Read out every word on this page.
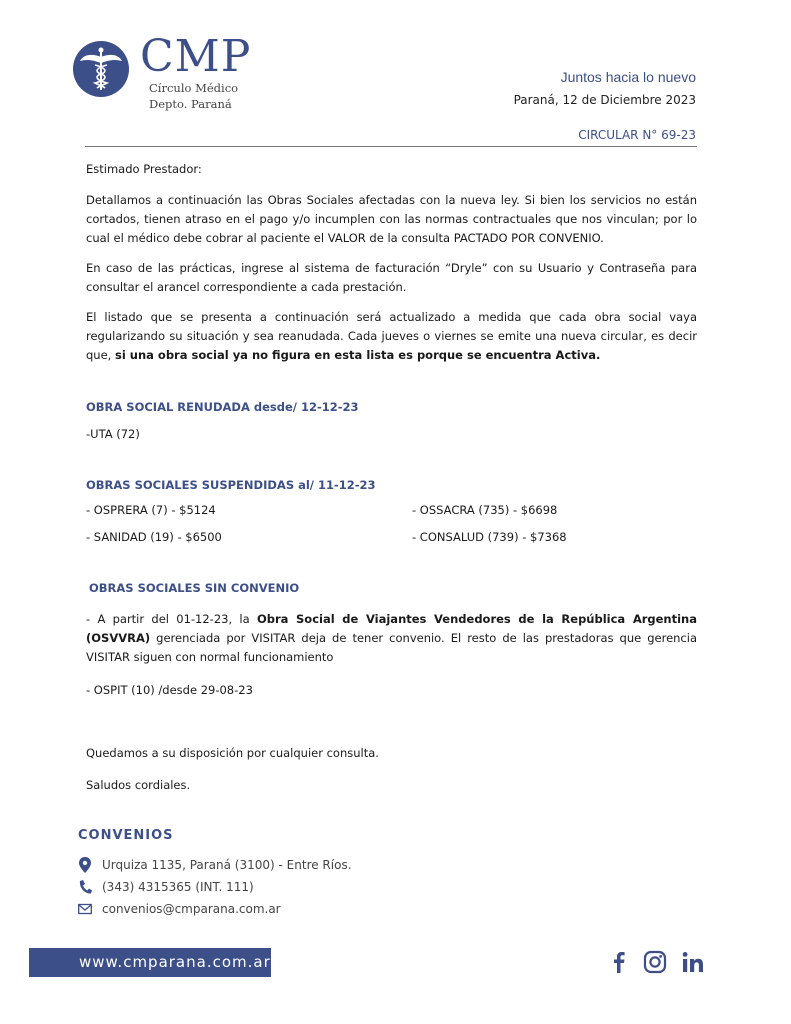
CMP
Círculo Médico
Depto. Paraná
Juntos hacia lo nuevo
Paraná, 12 de Diciembre 2023
CIRCULAR N° 69-23

Estimado Prestador:

Detallamos a continuación las Obras Sociales afectadas con la nueva ley. Si bien los servicios no están cortados, tienen atraso en el pago y/o incumplen con las normas contractuales que nos vinculan; por lo cual el médico debe cobrar al paciente el VALOR de la consulta PACTADO POR CONVENIO.

En caso de las prácticas, ingrese al sistema de facturación “Dryle” con su Usuario y Contraseña para consultar el arancel correspondiente a cada prestación.

El listado que se presenta a continuación será actualizado a medida que cada obra social vaya regularizando su situación y sea reanudada. Cada jueves o viernes se emite una nueva circular, es decir que, si una obra social ya no figura en esta lista es porque se encuentra Activa.

OBRA SOCIAL RENUDADA desde/ 12-12-23
-UTA (72)
OBRAS SOCIALES SUSPENDIDAS al/ 11-12-23
- OSPRERA (7) - $5124	- OSSACRA (735) - $6698
- SANIDAD (19) - $6500	- CONSALUD (739) - $7368
OBRAS SOCIALES SIN CONVENIO

- A partir del 01-12-23, la Obra Social de Viajantes Vendedores de la República Argentina (OSVVRA) gerenciada por VISITAR deja de tener convenio. El resto de las prestadoras que gerencia VISITAR siguen con normal funcionamiento

- OSPIT (10) /desde 29-08-23
Quedamos a su disposición por cualquier consulta.
Saludos cordiales.
CONVENIOS
Urquiza 1135, Paraná (3100) - Entre Ríos.
(343) 4315365 (INT. 111)
convenios@cmparana.com.ar
www.cmparana.com.ar
